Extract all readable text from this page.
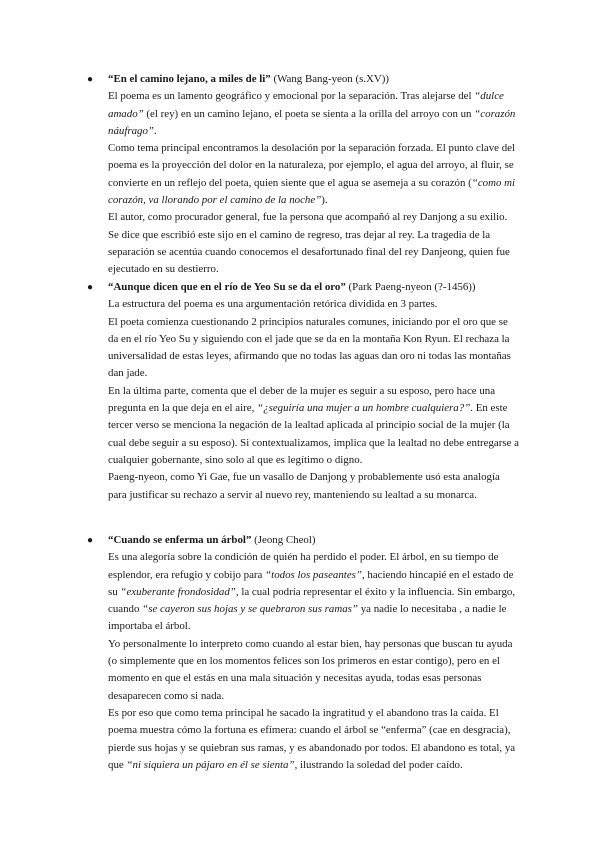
● “En el camino lejano, a miles de li” (Wang Bang-yeon (s.XV))

El poema es un lamento geográfico y emocional por la separación. Tras alejarse del “dulce amado” (el rey) en un camino lejano, el poeta se sienta a la orilla del arroyo con un “corazón náufrago”.

Como tema principal encontramos la desolación por la separación forzada. El punto clave del poema es la proyección del dolor en la naturaleza, por ejemplo, el agua del arroyo, al fluir, se convierte en un reflejo del poeta, quien siente que el agua se asemeja a su corazón (“como mi corazón, va llorando por el camino de la noche”).

El autor, como procurador general, fue la persona que acompañó al rey Danjong a su exilio. Se dice que escribió este sijo en el camino de regreso, tras dejar al rey. La tragedia de la separación se acentúa cuando conocemos el desafortunado final del rey Danjeong, quien fue ejecutado en su destierro.

● “Aunque dicen que en el río de Yeo Su se da el oro” (Park Paeng-nyeon (?-1456))

La estructura del poema es una argumentación retórica dividida en 3 partes.

El poeta comienza cuestionando 2 principios naturales comunes, iniciando por el oro que se da en el río Yeo Su y siguiendo con el jade que se da en la montaña Kon Ryun. El rechaza la universalidad de estas leyes, afirmando que no todas las aguas dan oro ni todas las montañas dan jade.

En la última parte, comenta que el deber de la mujer es seguir a su esposo, pero hace una pregunta en la que deja en el aire, “¿seguiría una mujer a un hombre cualquiera?”. En este tercer verso se menciona la negación de la lealtad aplicada al principio social de la mujer (la cual debe seguir a su esposo). Si contextualizamos, implica que la lealtad no debe entregarse a cualquier gobernante, sino solo al que es legítimo o digno.

Paeng-nyeon, como Yi Gae, fue un vasallo de Danjong y probablemente usó esta analogía para justificar su rechazo a servir al nuevo rey, manteniendo su lealtad a su monarca.

● “Cuando se enferma un árbol” (Jeong Cheol)

Es una alegoría sobre la condición de quién ha perdido el poder. El árbol, en su tiempo de esplendor, era refugio y cobijo para “todos los paseantes”, haciendo hincapié en el estado de su “exuberante frondosidad”, la cual podría representar el éxito y la influencia. Sin embargo, cuando “se cayeron sus hojas y se quebraron sus ramas” ya nadie lo necesitaba , a nadie le importaba el árbol.

Yo personalmente lo interpreto como cuando al estar bien, hay personas que buscan tu ayuda (o simplemente que en los momentos felices son los primeros en estar contigo), pero en el momento en que el estás en una mala situación y necesitas ayuda, todas esas personas desaparecen como si nada.

Es por eso que como tema principal he sacado la ingratitud y el abandono tras la caída. El poema muestra cómo la fortuna es efímera: cuando el árbol se “enferma” (cae en desgracia), pierde sus hojas y se quiebran sus ramas, y es abandonado por todos. El abandono es total, ya que “ni siquiera un pájaro en él se sienta”, ilustrando la soledad del poder caído.
